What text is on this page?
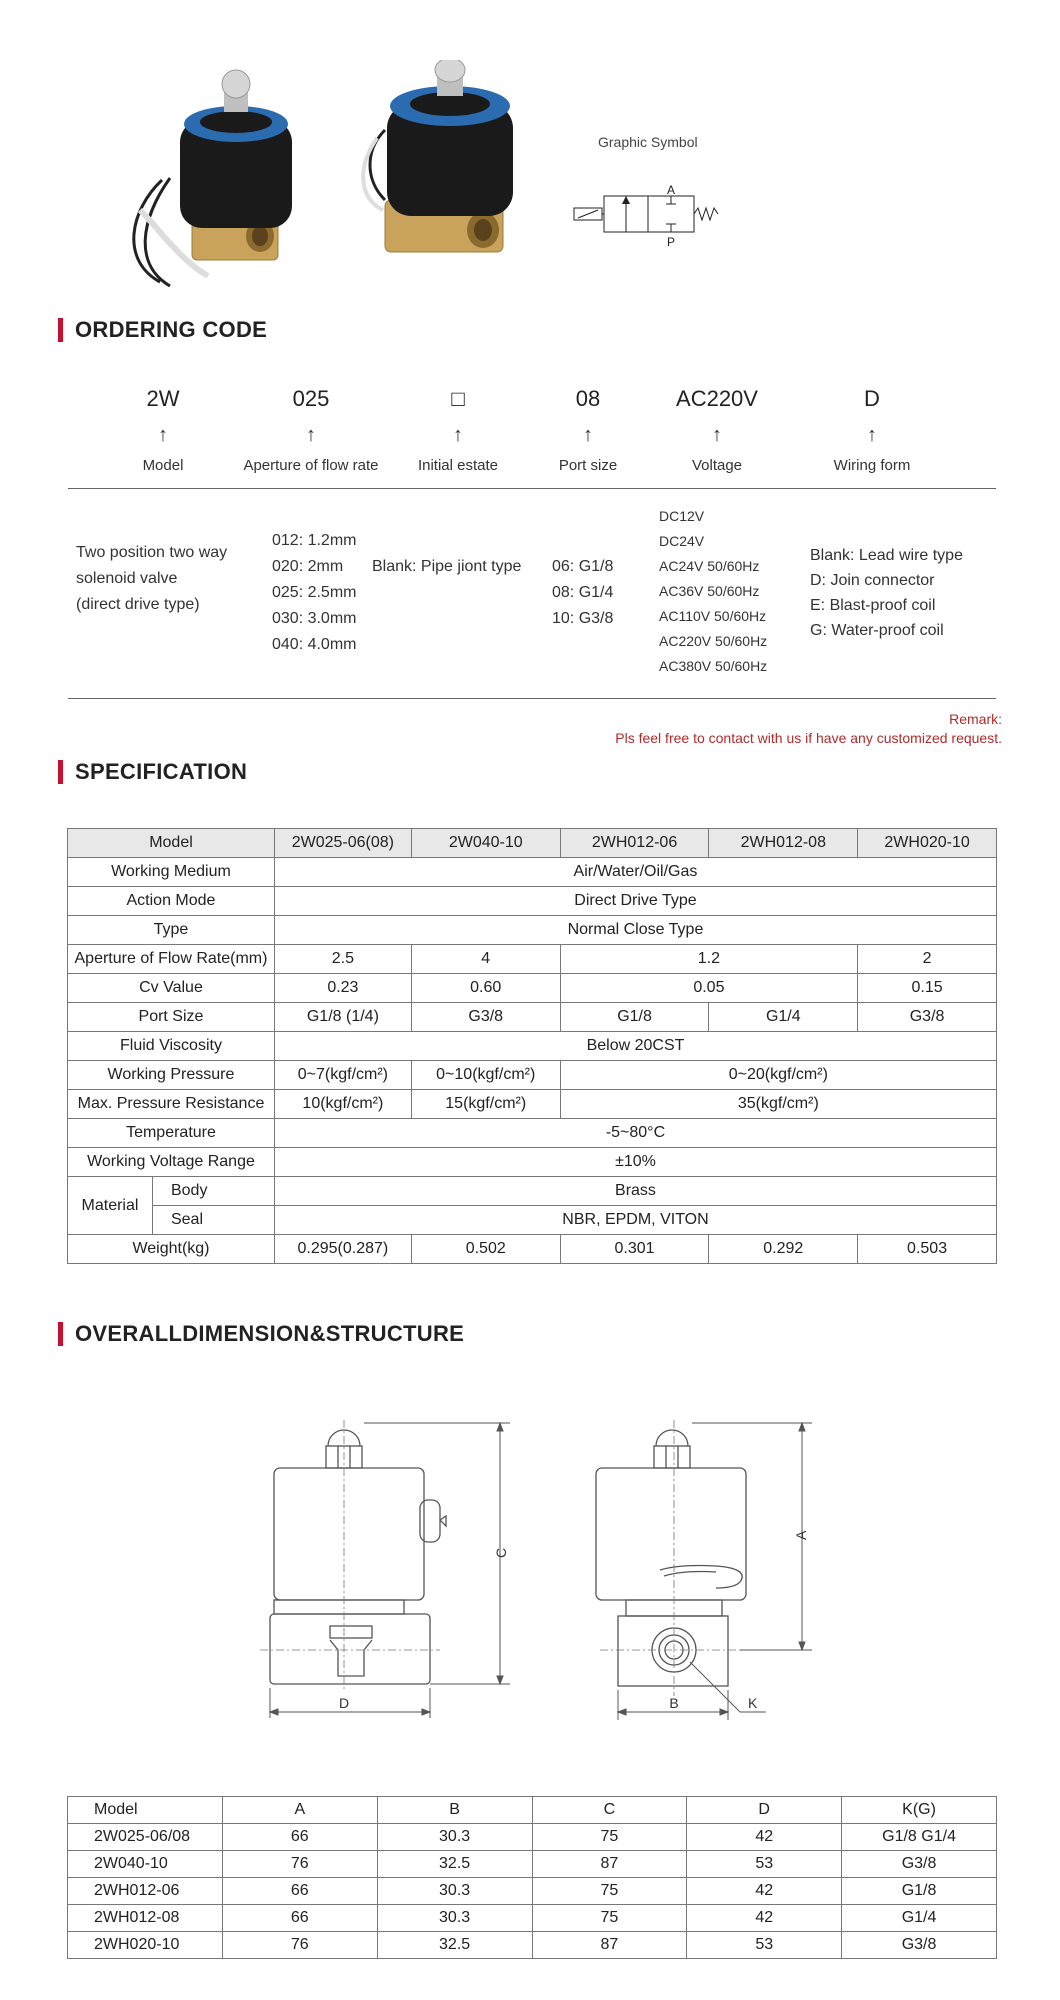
Graphic Symbol
A
P
ORDERING CODE
2W
↑
Model
025
↑
Aperture of flow rate
□
↑
Initial estate
08
↑
Port size
AC220V
↑
Voltage
D
↑
Wiring form
Two position two way
solenoid valve
(direct drive type)
012: 1.2mm
020: 2mm
025: 2.5mm
030: 3.0mm
040: 4.0mm
Blank: Pipe jiont type 06: G1/8
08: G1/4
10: G3/8
DC12V
DC24V
AC24V 50/60Hz
AC36V 50/60Hz
AC110V 50/60Hz
AC220V 50/60Hz
AC380V 50/60Hz
Blank: Lead wire type
D: Join connector
E: Blast-proof coil
G: Water-proof coil
Remark:
Pls feel free to contact with us if have any customized request.
SPECIFICATION
Model		2W025-06(08)	2W040-10	2WH012-06	2WH012-08	2WH020-10
Working Medium		Air/Water/Oil/Gas				
Action Mode		Direct Drive Type				
Type		Normal Close Type				
Aperture of Flow Rate(mm)		2.5	4	1.2		2
Cv Value		0.23	0.60	0.05		0.15
Port Size		G1/8 (1/4)	G3/8	G1/8	G1/4	G3/8
Fluid Viscosity		Below 20CST				
Working Pressure		0~7(kgf/cm²)	0~10(kgf/cm²)	0~20(kgf/cm²)		
Max. Pressure Resistance		10(kgf/cm²)	15(kgf/cm²)	35(kgf/cm²)		
Temperature		-5~80°C				
Working Voltage Range		±10%				
Material	Body	Brass				
	Seal	NBR, EPDM, VITON				
Weight(kg)		0.295(0.287)	0.502	0.301	0.292	0.503
OVERALLDIMENSION&STRUCTURE
C
D
A
B	K
Model	A	B	C	D	K(G)
2W025-06/08	66	30.3	75	42	G1/8 G1/4
2W040-10	76	32.5	87	53	G3/8
2WH012-06	66	30.3	75	42	G1/8
2WH012-08	66	30.3	75	42	G1/4
2WH020-10	76	32.5	87	53	G3/8
